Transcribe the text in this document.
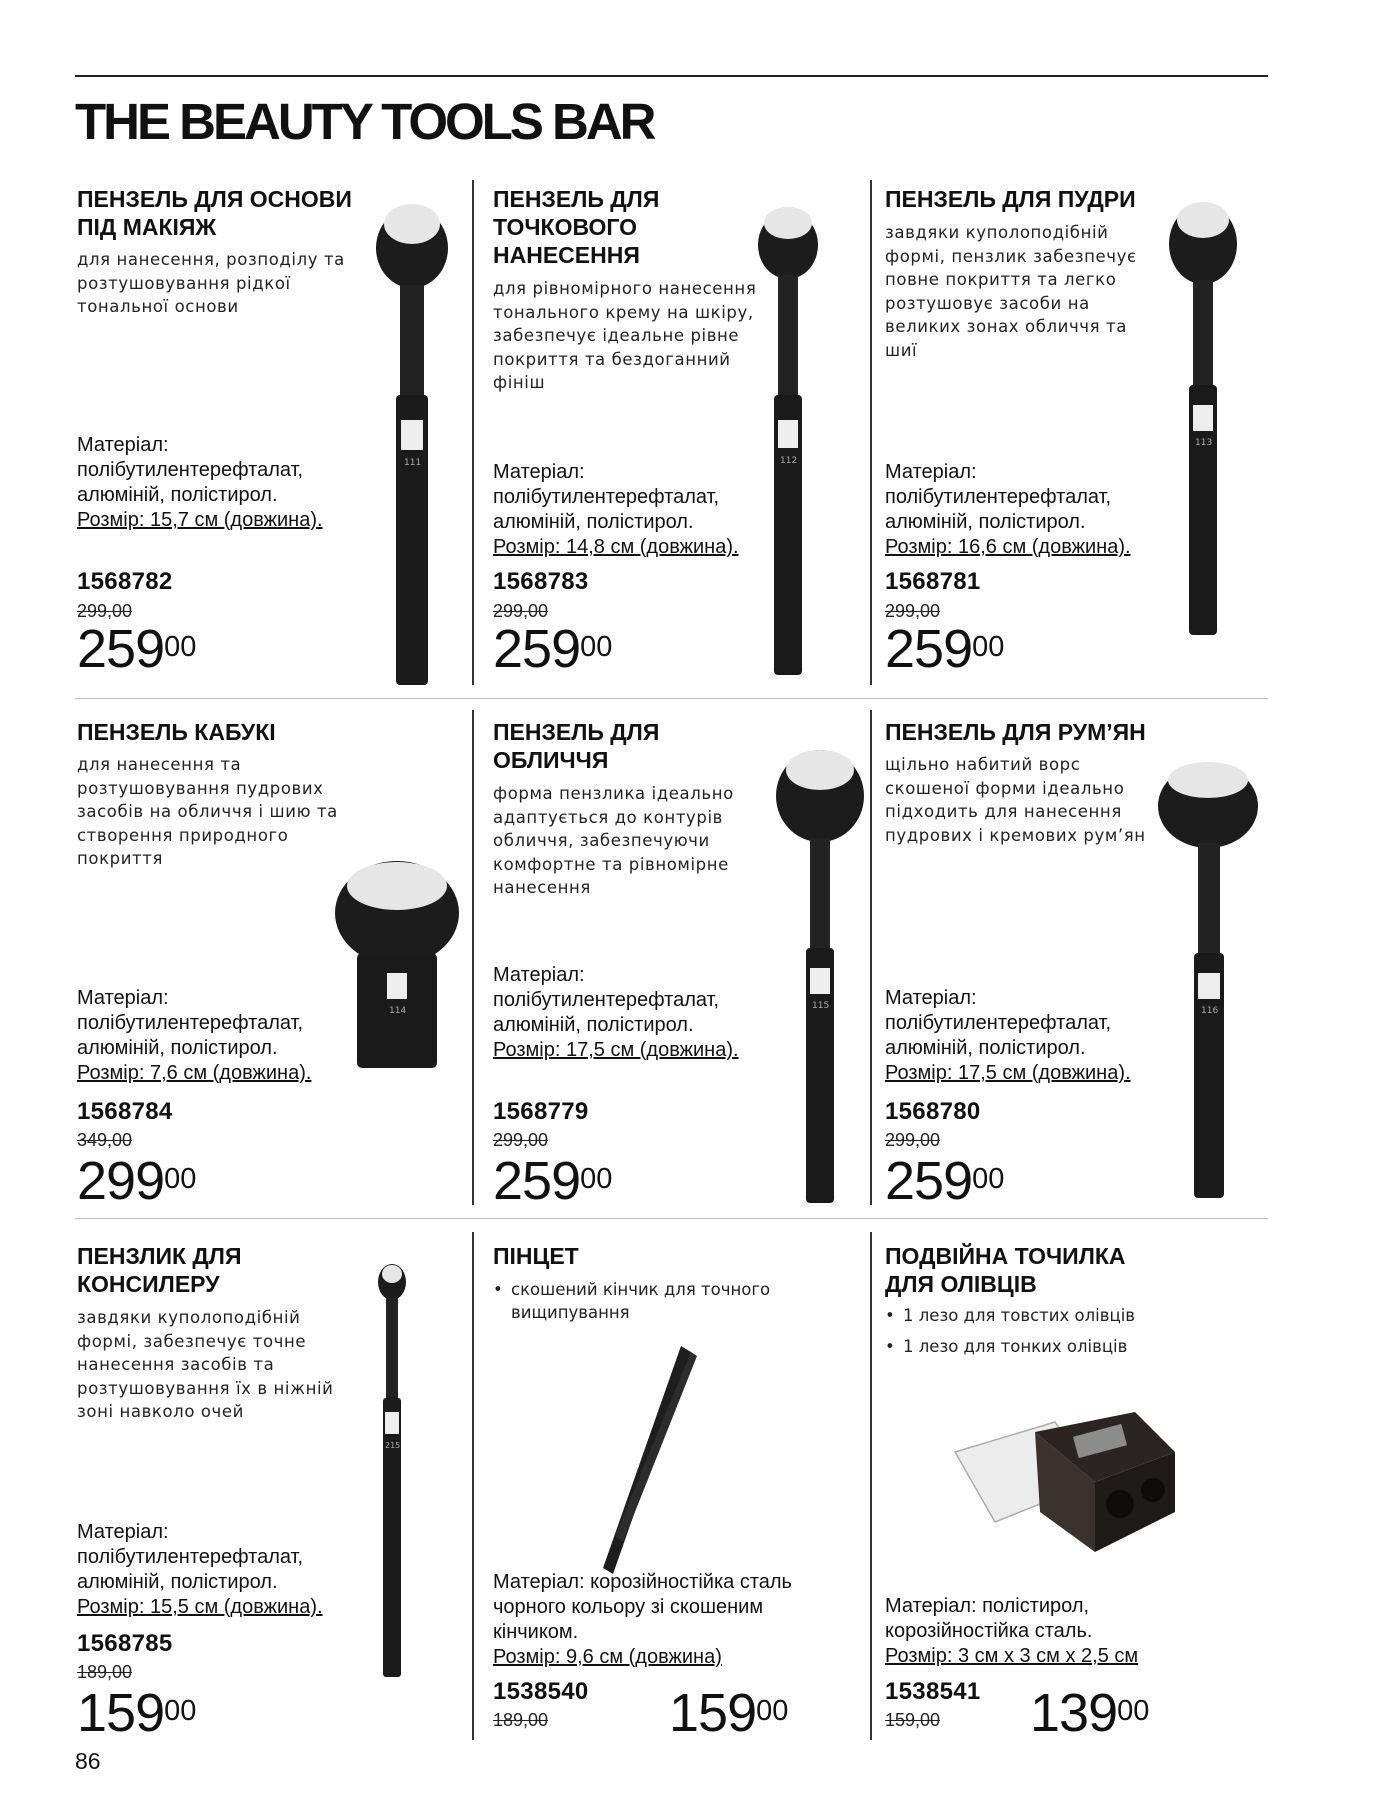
THE BEAUTY TOOLS BAR
ПЕНЗЕЛЬ ДЛЯ ОСНОВИ ПІД МАКІЯЖ
для нанесення, розподілу та розтушовування рідкої тональної основи
Матеріал: полібутилентерефталат, алюміній, полістирол.
Розмір: 15,7 см (довжина).
1568782
299,00
$259^{00}$
111
ПЕНЗЕЛЬ ДЛЯ ТОЧКОВОГО НАНЕСЕННЯ
для рівномірного нанесення тонального крему на шкіру, забезпечує ідеальне рівне покриття та бездоганний фініш
Матеріал: полібутилентерефталат, алюміній, полістирол.
Розмір: 14,8 см (довжина).
1568783
299,00
$259^{00}$
112
ПЕНЗЕЛЬ ДЛЯ ПУДРИ
завдяки куполоподібній формі, пензлик забезпечує повне покриття та легко розтушовує засоби на великих зонах обличчя та шиї
Матеріал: полібутилентерефталат, алюміній, полістирол.
Розмір: 16,6 см (довжина).
1568781
299,00
$259^{00}$
113
ПЕНЗЕЛЬ КАБУКІ
для нанесення та розтушовування пудрових засобів на обличчя і шию та створення природного покриття
Матеріал: полібутилентерефталат, алюміній, полістирол.
Розмір: 7,6 см (довжина).
1568784
349,00
$299^{00}$
114
ПЕНЗЕЛЬ ДЛЯ ОБЛИЧЧЯ
форма пензлика ідеально адаптується до контурів обличчя, забезпечуючи комфортне та рівномірне нанесення
Матеріал: полібутилентерефталат, алюміній, полістирол.
Розмір: 17,5 см (довжина).
1568779
299,00
$259^{00}$
115
ПЕНЗЕЛЬ ДЛЯ РУМ’ЯН
щільно набитий ворс скошеної форми ідеально підходить для нанесення пудрових і кремових рум’ян
Матеріал: полібутилентерефталат, алюміній, полістирол.
Розмір: 17,5 см (довжина).
1568780
299,00
$259^{00}$
116
ПЕНЗЛИК ДЛЯ КОНСИЛЕРУ
завдяки куполоподібній формі, забезпечує точне нанесення засобів та розтушовування їх в ніжній зоні навколо очей
Матеріал: полібутилентерефталат, алюміній, полістирол.
Розмір: 15,5 см (довжина).
1568785
189,00
$159^{00}$
215
ПІНЦЕТ
• скошений кінчик для точного вищипування
Матеріал: корозійностійка сталь чорного кольору зі скошеним кінчиком.
Розмір: 9,6 см (довжина)
1538540
189,00 $159^{00}$
ПОДВІЙНА ТОЧИЛКА ДЛЯ ОЛІВЦІВ
• 1 лезо для товстих олівців
• 1 лезо для тонких олівців
Матеріал: полістирол, корозійностійка сталь.
Розмір: 3 см х 3 см х 2,5 см
1538541
159,00 $139^{00}$
86
